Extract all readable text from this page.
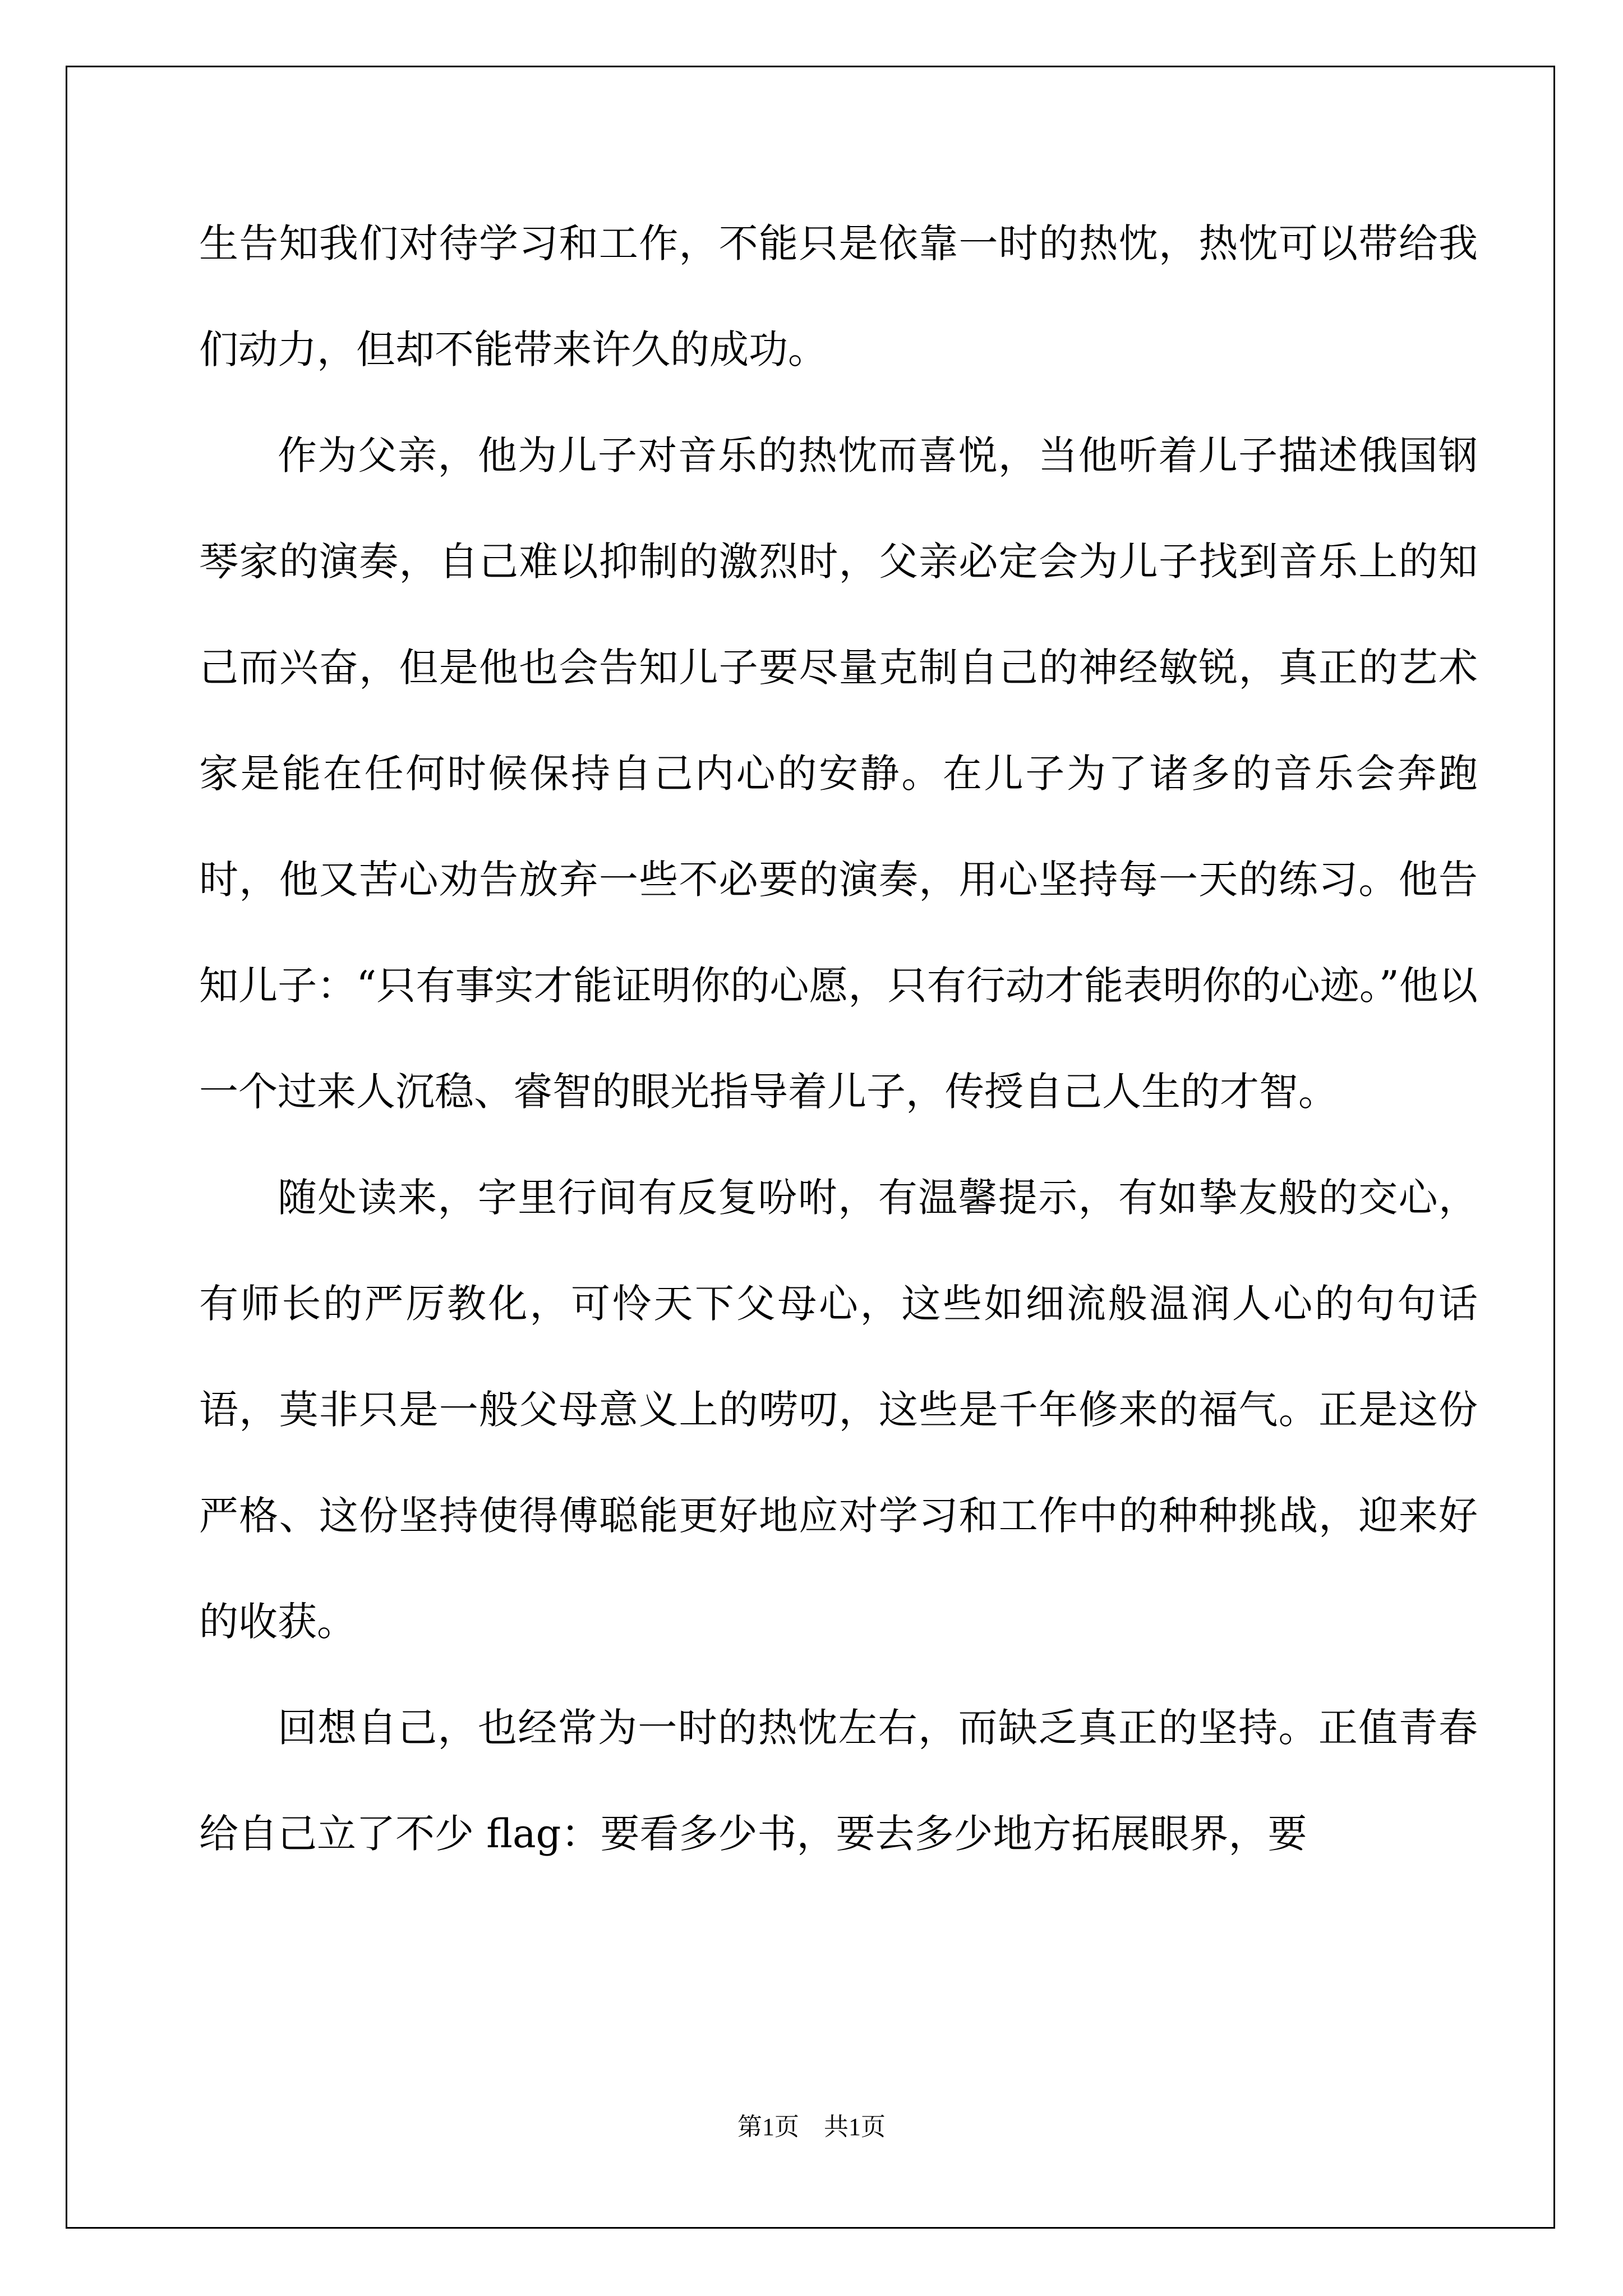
生告知我们对待学习和工作，不能只是依靠一时的热忱，热忱可以带给我们动力，但却不能带来许久的成功。

作为父亲，他为儿子对音乐的热忱而喜悦，当他听着儿子描述俄国钢琴家的演奏，自己难以抑制的激烈时，父亲必定会为儿子找到音乐上的知己而兴奋，但是他也会告知儿子要尽量克制自己的神经敏锐，真正的艺术家是能在任何时候保持自己内心的安静。在儿子为了诸多的音乐会奔跑时，他又苦心劝告放弃一些不必要的演奏，用心坚持每一天的练习。他告知儿子：“只有事实才能证明你的心愿，只有行动才能表明你的心迹。”他以一个过来人沉稳、睿智的眼光指导着儿子，传授自己人生的才智。

随处读来，字里行间有反复吩咐，有温馨提示，有如挚友般的交心，有师长的严厉教化，可怜天下父母心，这些如细流般温润人心的句句话语，莫非只是一般父母意义上的唠叨，这些是千年修来的福气。正是这份严格、这份坚持使得傅聪能更好地应对学习和工作中的种种挑战，迎来好的收获。

回想自己，也经常为一时的热忱左右，而缺乏真正的坚持。正值青春给自己立了不少 flag：要看多少书，要去多少地方拓展眼界，要

第1页　共1页
